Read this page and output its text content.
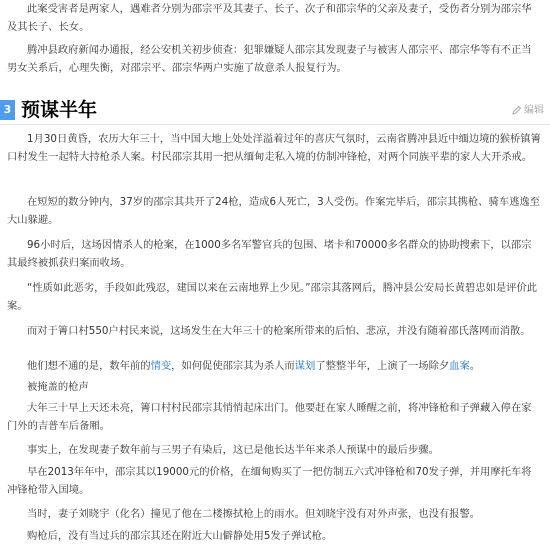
此案受害者是两家人，遇难者分别为邵宗平及其妻子、长子、次子和邵宗华的父亲及妻子，受伤者分别为邵宗华及其长子、长女。

腾冲县政府新闻办通报，经公安机关初步侦查：犯罪嫌疑人邵宗其发现妻子与被害人邵宗平、邵宗华等有不正当男女关系后，心理失衡，对邵宗平、邵宗华两户实施了故意杀人报复行为。

3 预谋半年	编辑

1月30日黄昏，农历大年三十，当中国大地上处处洋溢着过年的喜庆气氛时，云南省腾冲县近中缅边境的猴桥镇箐口村发生一起特大持枪杀人案。村民邵宗其用一把从缅甸走私入境的仿制冲锋枪，对两个同族平辈的家人大开杀戒。

在短短的数分钟内，37岁的邵宗其共开了24枪，造成6人死亡，3人受伤。作案完毕后，邵宗其携枪、骑车逃逸至大山躲避。

96小时后，这场因情杀人的枪案，在1000多名军警官兵的包围、堵卡和70000多名群众的协助搜索下，以邵宗其最终被抓获归案而收场。

“性质如此恶劣，手段如此残忍，建国以来在云南地界上少见。”邵宗其落网后，腾冲县公安局长黄碧忠如是评价此案。

而对于箐口村550户村民来说，这场发生在大年三十的枪案所带来的后怕、悲凉，并没有随着邵氏落网而消散。

他们想不通的是，数年前的情变，如何促使邵宗其为杀人而谋划了整整半年，上演了一场除夕血案。

被掩盖的枪声

大年三十早上天还未亮，箐口村村民邵宗其悄悄起床出门。他要赶在家人睡醒之前，将冲锋枪和子弹藏入停在家门外的吉普车后备厢。

事实上，在发现妻子数年前与三男子有染后，这已是他长达半年来杀人预谋中的最后步骤。

早在2013年年中，邵宗其以19000元的价格，在缅甸购买了一把仿制五六式冲锋枪和70发子弹，并用摩托车将冲锋枪带入国境。

当时，妻子刘晓宇（化名）撞见了他在二楼擦拭枪上的雨水。但刘晓宇没有对外声张，也没有报警。

购枪后，没有当过兵的邵宗其还在附近大山僻静处用5发子弹试枪。
